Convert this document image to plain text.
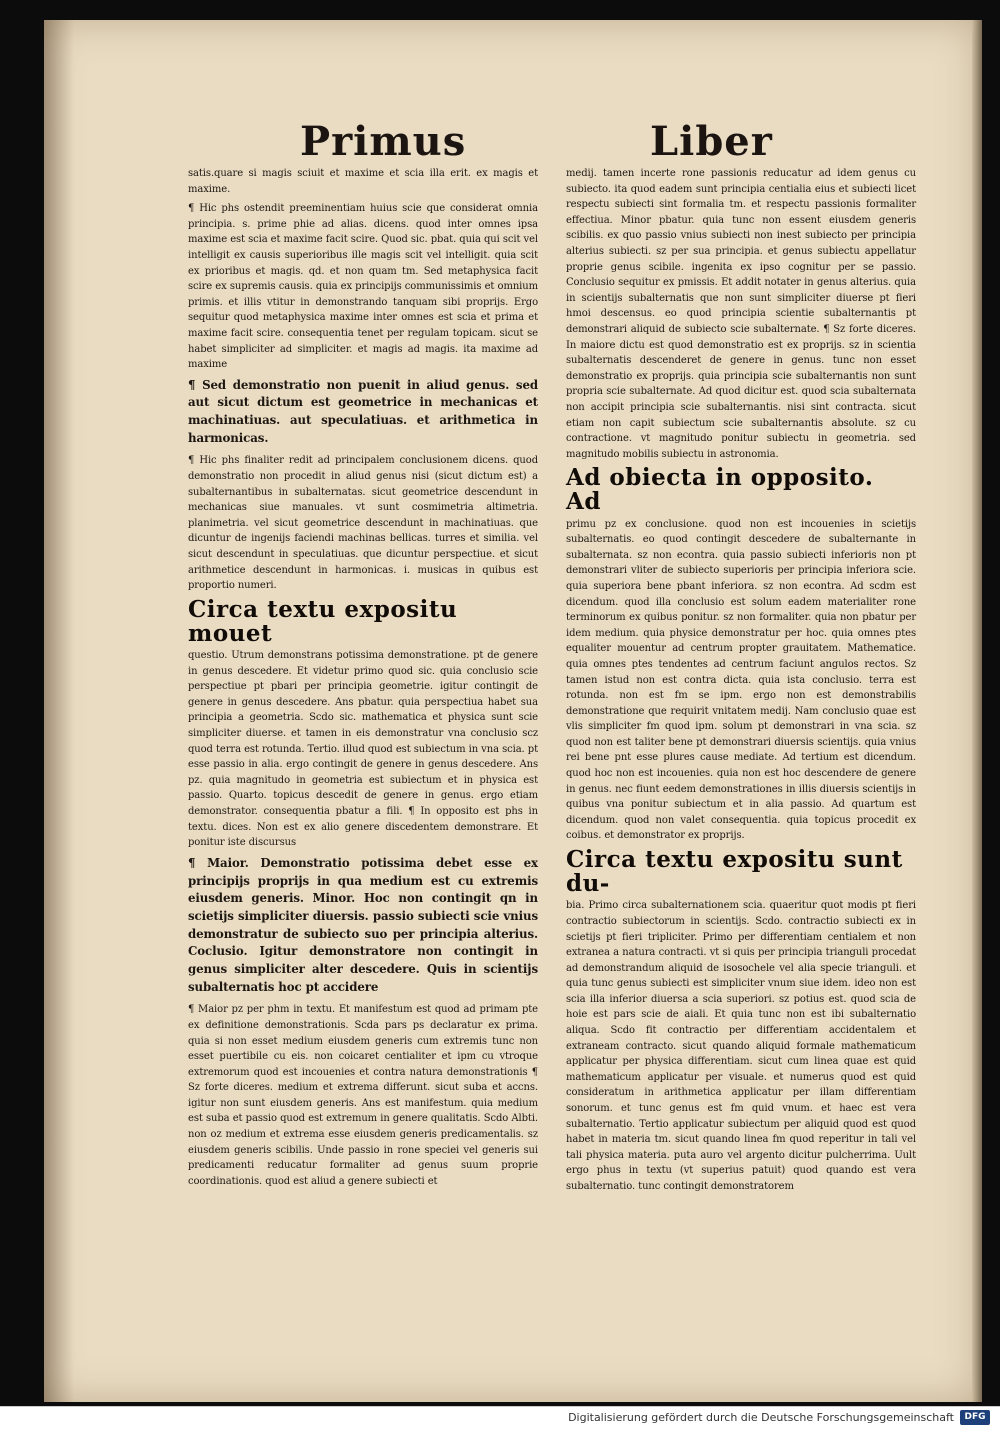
Primus	Liber

satis.quare si magis sciuit et maxime et scia illa erit. ex magis et maxime.

¶ Hic phs ostendit preeminentiam huius scie que considerat omnia principia. s. prime phie ad alias. dicens. quod inter omnes ipsa maxime est scia et maxime facit scire. Quod sic. pbat. quia qui scit vel intelligit ex causis superioribus ille magis scit vel intelligit. quia scit ex prioribus et magis. qd. et non quam tm. Sed metaphysica facit scire ex supremis causis. quia ex principijs communissimis et omnium primis. et illis vtitur in demonstrando tanquam sibi proprijs. Ergo sequitur quod metaphysica maxime inter omnes est scia et prima et maxime facit scire. consequentia tenet per regulam topicam. sicut se habet simpliciter ad simpliciter. et magis ad magis. ita maxime ad maxime

¶ Sed demonstratio non puenit in aliud genus. sed aut sicut dictum est geometrice in mechanicas et machinatiuas. aut speculatiuas. et arithmetica in harmonicas.

¶ Hic phs finaliter redit ad principalem conclusionem dicens. quod demonstratio non procedit in aliud genus nisi (sicut dictum est) a subalternantibus in subalternatas. sicut geometrice descendunt in mechanicas siue manuales. vt sunt cosmimetria altimetria. planimetria. vel sicut geometrice descendunt in machinatiuas. que dicuntur de ingenijs faciendi machinas bellicas. turres et similia. vel sicut descendunt in speculatiuas. que dicuntur perspectiue. et sicut arithmetice descendunt in harmonicas. i. musicas in quibus est proportio numeri.

Circa textu expositu mouet

questio. Utrum demonstrans potissima demonstratione. pt de genere in genus descedere. Et videtur primo quod sic. quia conclusio scie perspectiue pt pbari per principia geometrie. igitur contingit de genere in genus descedere. Ans pbatur. quia perspectiua habet sua principia a geometria. Scdo sic. mathematica et physica sunt scie simpliciter diuerse. et tamen in eis demonstratur vna conclusio scz quod terra est rotunda. Tertio. illud quod est subiectum in vna scia. pt esse passio in alia. ergo contingit de genere in genus descedere. Ans pz. quia magnitudo in geometria est subiectum et in physica est passio. Quarto. topicus descedit de genere in genus. ergo etiam demonstrator. consequentia pbatur a fili. ¶ In opposito est phs in textu. dices. Non est ex alio genere discedentem demonstrare. Et ponitur iste discursus

¶ Maior. Demonstratio potissima debet esse ex principijs proprijs in qua medium est cu extremis eiusdem generis. Minor. Hoc non contingit qn in scietijs simpliciter diuersis. passio subiecti scie vnius demonstratur de subiecto suo per principia alterius. Coclusio. Igitur demonstratore non contingit in genus simpliciter alter descedere. Quis in scientijs subalternatis hoc pt accidere

¶ Maior pz per phm in textu. Et manifestum est quod ad primam pte ex definitione demonstrationis. Scda pars ps declaratur ex prima. quia si non esset medium eiusdem generis cum extremis tunc non esset puertibile cu eis. non coicaret centialiter et ipm cu vtroque extremorum quod est incouenies et contra natura demonstrationis ¶ Sz forte diceres. medium et extrema differunt. sicut suba et accns. igitur non sunt eiusdem generis. Ans est manifestum. quia medium est suba et passio quod est extremum in genere qualitatis. Scdo Albti. non oz medium et extrema esse eiusdem generis predicamentalis. sz eiusdem generis scibilis. Unde passio in rone speciei vel generis sui predicamenti reducatur formaliter ad genus suum proprie coordinationis. quod est aliud a genere subiecti et

medij. tamen incerte rone passionis reducatur ad idem genus cu subiecto. ita quod eadem sunt principia centialia eius et subiecti licet respectu subiecti sint formalia tm. et respectu passionis formaliter effectiua. Minor pbatur. quia tunc non essent eiusdem generis scibilis. ex quo passio vnius subiecti non inest subiecto per principia alterius subiecti. sz per sua principia. et genus subiectu appellatur proprie genus scibile. ingenita ex ipso cognitur per se passio. Conclusio sequitur ex pmissis. Et addit notater in genus alterius. quia in scientijs subalternatis que non sunt simpliciter diuerse pt fieri hmoi descensus. eo quod principia scientie subalternantis pt demonstrari aliquid de subiecto scie subalternate. ¶ Sz forte diceres. In maiore dictu est quod demonstratio est ex proprijs. sz in scientia subalternatis descenderet de genere in genus. tunc non esset demonstratio ex proprijs. quia principia scie subalternantis non sunt propria scie subalternate. Ad quod dicitur est. quod scia subalternata non accipit principia scie subalternantis. nisi sint contracta. sicut etiam non capit subiectum scie subalternantis absolute. sz cu contractione. vt magnitudo ponitur subiectu in geometria. sed magnitudo mobilis subiectu in astronomia.

Ad obiecta in opposito. Ad

primu pz ex conclusione. quod non est incouenies in scietijs subalternatis. eo quod contingit descedere de subalternante in subalternata. sz non econtra. quia passio subiecti inferioris non pt demonstrari vliter de subiecto superioris per principia inferiora scie. quia superiora bene pbant inferiora. sz non econtra. Ad scdm est dicendum. quod illa conclusio est solum eadem materialiter rone terminorum ex quibus ponitur. sz non formaliter. quia non pbatur per idem medium. quia physice demonstratur per hoc. quia omnes ptes equaliter mouentur ad centrum propter grauitatem. Mathematice. quia omnes ptes tendentes ad centrum faciunt angulos rectos. Sz tamen istud non est contra dicta. quia ista conclusio. terra est rotunda. non est fm se ipm. ergo non est demonstrabilis demonstratione que requirit vnitatem medij. Nam conclusio quae est vlis simpliciter fm quod ipm. solum pt demonstrari in vna scia. sz quod non est taliter bene pt demonstrari diuersis scientijs. quia vnius rei bene pnt esse plures cause mediate. Ad tertium est dicendum. quod hoc non est incouenies. quia non est hoc descendere de genere in genus. nec fiunt eedem demonstrationes in illis diuersis scientijs in quibus vna ponitur subiectum et in alia passio. Ad quartum est dicendum. quod non valet consequentia. quia topicus procedit ex coibus. et demonstrator ex proprijs.

Circa textu expositu sunt du-

bia. Primo circa subalternationem scia. quaeritur quot modis pt fieri contractio subiectorum in scientijs. Scdo. contractio subiecti ex in scietijs pt fieri tripliciter. Primo per differentiam centialem et non extranea a natura contracti. vt si quis per principia trianguli procedat ad demonstrandum aliquid de isosochele vel alia specie trianguli. et quia tunc genus subiecti est simpliciter vnum siue idem. ideo non est scia illa inferior diuersa a scia superiori. sz potius est. quod scia de hoie est pars scie de aiali. Et quia tunc non est ibi subalternatio aliqua. Scdo fit contractio per differentiam accidentalem et extraneam contracto. sicut quando aliquid formale mathematicum applicatur per physica differentiam. sicut cum linea quae est quid mathematicum applicatur per visuale. et numerus quod est quid consideratum in arithmetica applicatur per illam differentiam sonorum. et tunc genus est fm quid vnum. et haec est vera subalternatio. Tertio applicatur subiectum per aliquid quod est quod habet in materia tm. sicut quando linea fm quod reperitur in tali vel tali physica materia. puta auro vel argento dicitur pulcherrima. Uult ergo phus in textu (vt superius patuit) quod quando est vera subalternatio. tunc contingit demonstratorem

Digitalisierung gefördert durch die Deutsche Forschungsgemeinschaft	DFG
